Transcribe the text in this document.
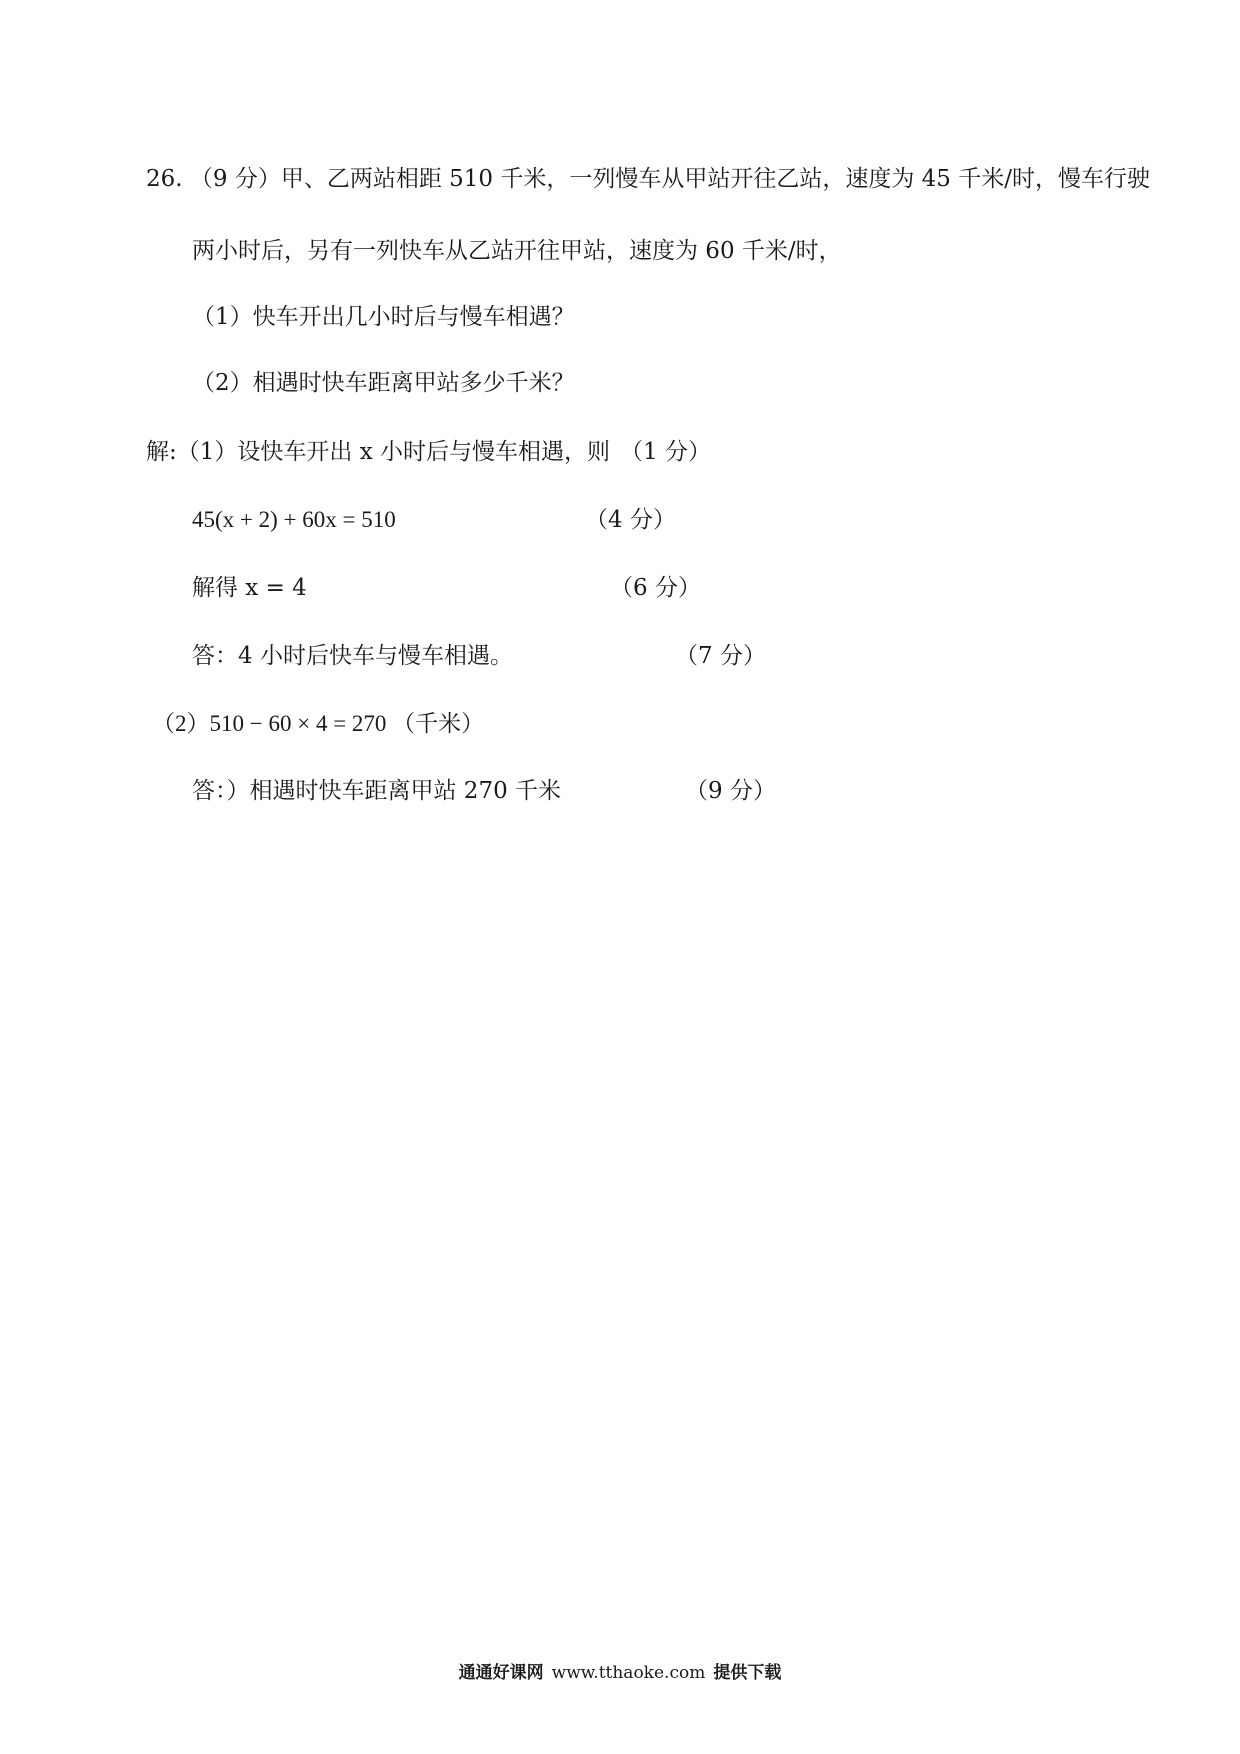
26. （9 分）甲、乙两站相距 510 千米，一列慢车从甲站开往乙站，速度为 45 千米/时，慢车行驶
两小时后，另有一列快车从乙站开往甲站，速度为 60 千米/时，
（1）快车开出几小时后与慢车相遇？
（2）相遇时快车距离甲站多少千米？
解:（1）设快车开出 x 小时后与慢车相遇，则 （1 分）
45(x + 2) + 60x = 510	（4 分）
解得 x = 4	（6 分）
答：4 小时后快车与慢车相遇。	（7 分）
（2）510 − 60 × 4 = 270 （千米）
答：）相遇时快车距离甲站 270 千米	（9 分）
通通好课网 www.tthaoke.com 提供下载
